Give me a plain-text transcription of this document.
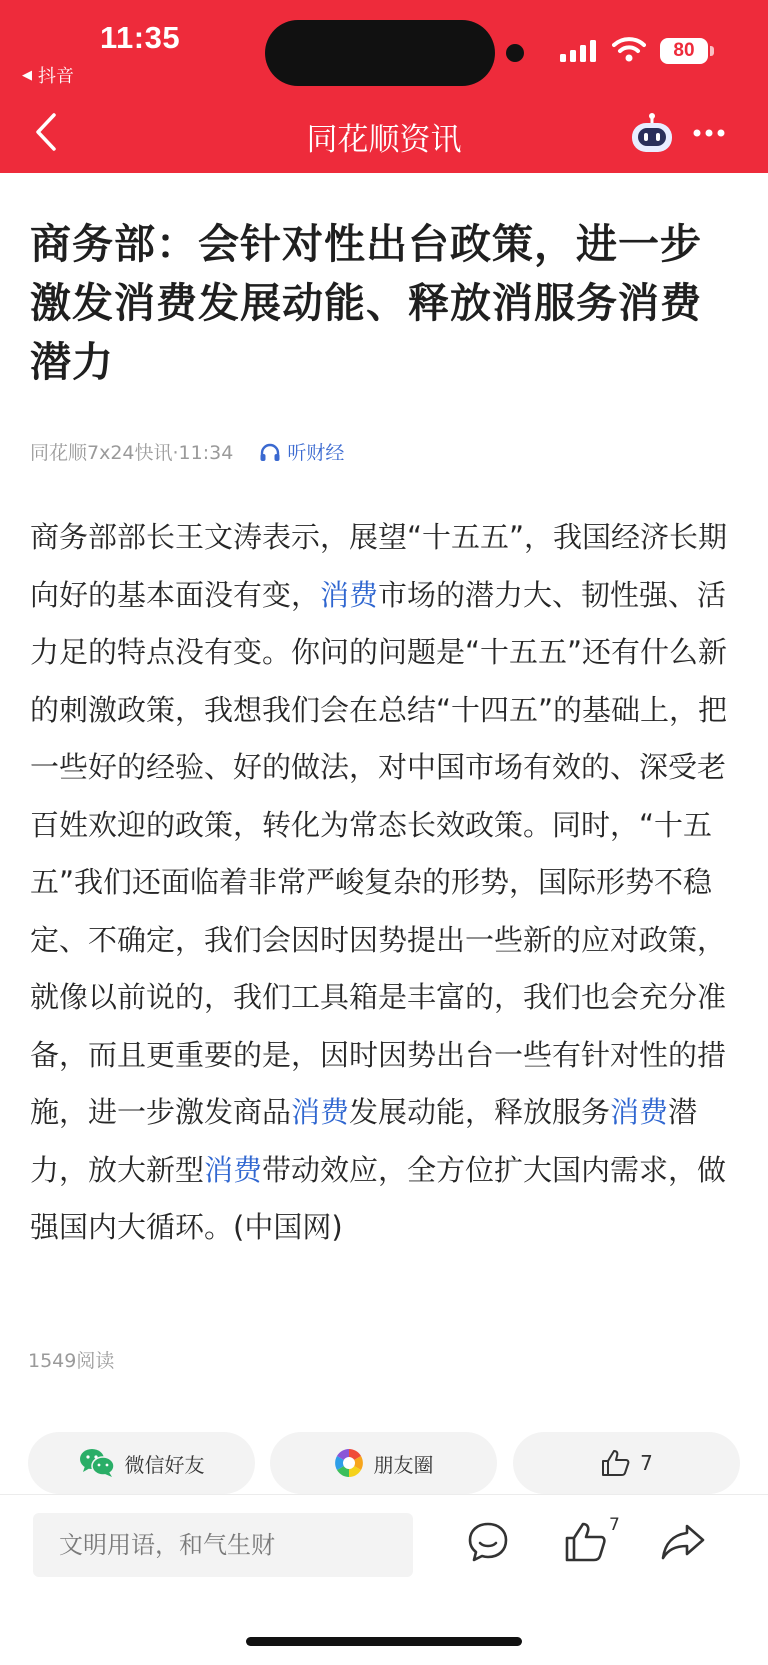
11:35
◀ 抖音
80
同花顺资讯
商务部：会针对性出台政策，进一步激发消费发展动能、释放消服务消费潜力
同花顺7x24快讯·11:34	听财经
商务部部长王文涛表示，展望“十五五”，我国经济长期向好的基本面没有变，消费市场的潜力大、韧性强、活力足的特点没有变。你问的问题是“十五五”还有什么新的刺激政策，我想我们会在总结“十四五”的基础上，把一些好的经验、好的做法，对中国市场有效的、深受老百姓欢迎的政策，转化为常态长效政策。同时，“十五五”我们还面临着非常严峻复杂的形势，国际形势不稳定、不确定，我们会因时因势提出一些新的应对政策，就像以前说的，我们工具箱是丰富的，我们也会充分准备，而且更重要的是，因时因势出台一些有针对性的措施，进一步激发商品消费发展动能，释放服务消费潜力，放大新型消费带动效应，全方位扩大国内需求，做强国内大循环。(中国网)
1549阅读
微信好友	朋友圈	7
文明用语，和气生财
7
